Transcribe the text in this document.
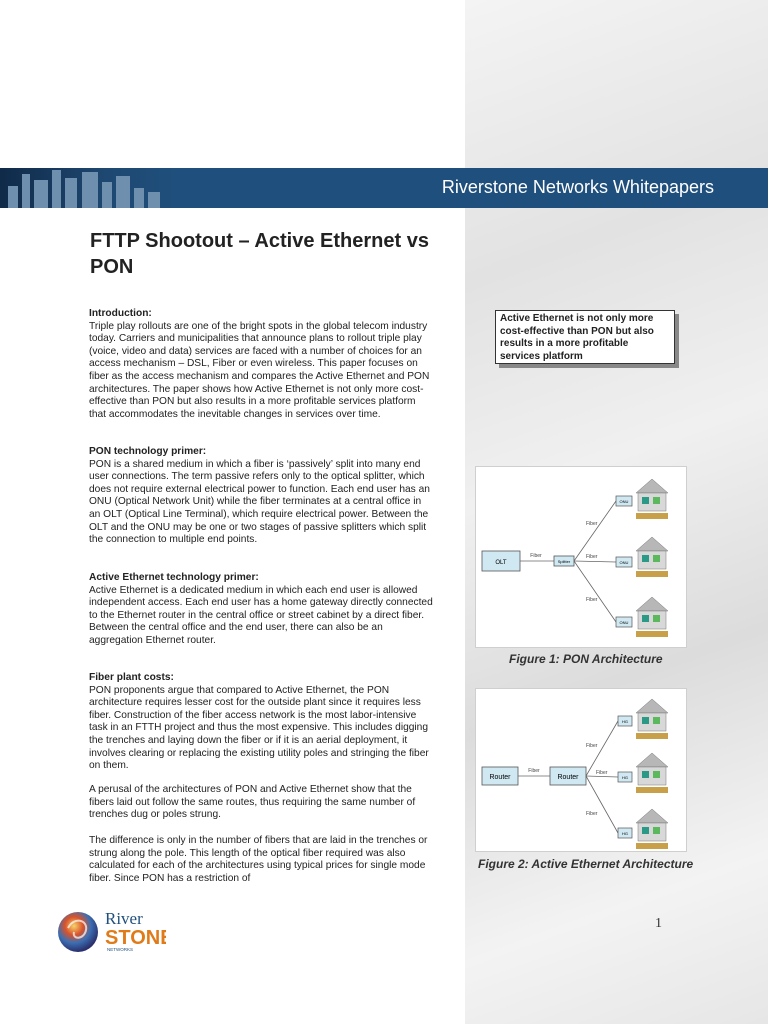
Riverstone Networks Whitepapers
FTTP Shootout – Active Ethernet vs PON
Introduction:

Triple play rollouts are one of the bright spots in the global telecom industry today. Carriers and municipalities that announce plans to rollout triple play (voice, video and data) services are faced with a number of choices for an access mechanism – DSL, Fiber or even wireless. This paper focuses on fiber as the access mechanism and compares the Active Ethernet and PON architectures. The paper shows how Active Ethernet is not only more cost-effective than PON but also results in a more profitable services platform that accommodates the inevitable changes in services over time.

PON technology primer:

PON is a shared medium in which a fiber is ‘passively’ split into many end user connections. The term passive refers only to the optical splitter, which does not require external electrical power to function. Each end user has an ONU (Optical Network Unit) while the fiber terminates at a central office in an OLT (Optical Line Terminal), which require electrical power. Between the OLT and the ONU may be one or two stages of passive splitters which split the connection to multiple end points.

Active Ethernet technology primer:

Active Ethernet is a dedicated medium in which each end user is allowed independent access. Each end user has a home gateway directly connected to the Ethernet router in the central office or street cabinet by a direct fiber. Between the central office and the end user, there can also be an aggregation Ethernet router.

Fiber plant costs:

PON proponents argue that compared to Active Ethernet, the PON architecture requires lesser cost for the outside plant since it requires less fiber. Construction of the fiber access network is the most labor-intensive task in an FTTH project and thus the most expensive. This includes digging the trenches and laying down the fiber or if it is an aerial deployment, it involves clearing or replacing the existing utility poles and stringing the fiber on them.

A perusal of the architectures of PON and Active Ethernet show that the fibers laid out follow the same routes, thus requiring the same number of trenches dug or poles strung.

The difference is only in the number of fibers that are laid in the trenches or strung along the pole. This length of the optical fiber required was also calculated for each of the architectures using typical prices for single mode fiber. Since PON has a restriction of

Active Ethernet is not only more cost-effective than PON but also results in a more profitable services platform
OLT
Fiber
Splitter
Fiber
Fiber
Fiber
ONU
ONU
ONU
Figure 1: PON Architecture
Router
Fiber
Router
Fiber
Fiber
Fiber
HG
HG
HG
Figure 2: Active Ethernet Architecture
River
STON
NETWORKS
1
